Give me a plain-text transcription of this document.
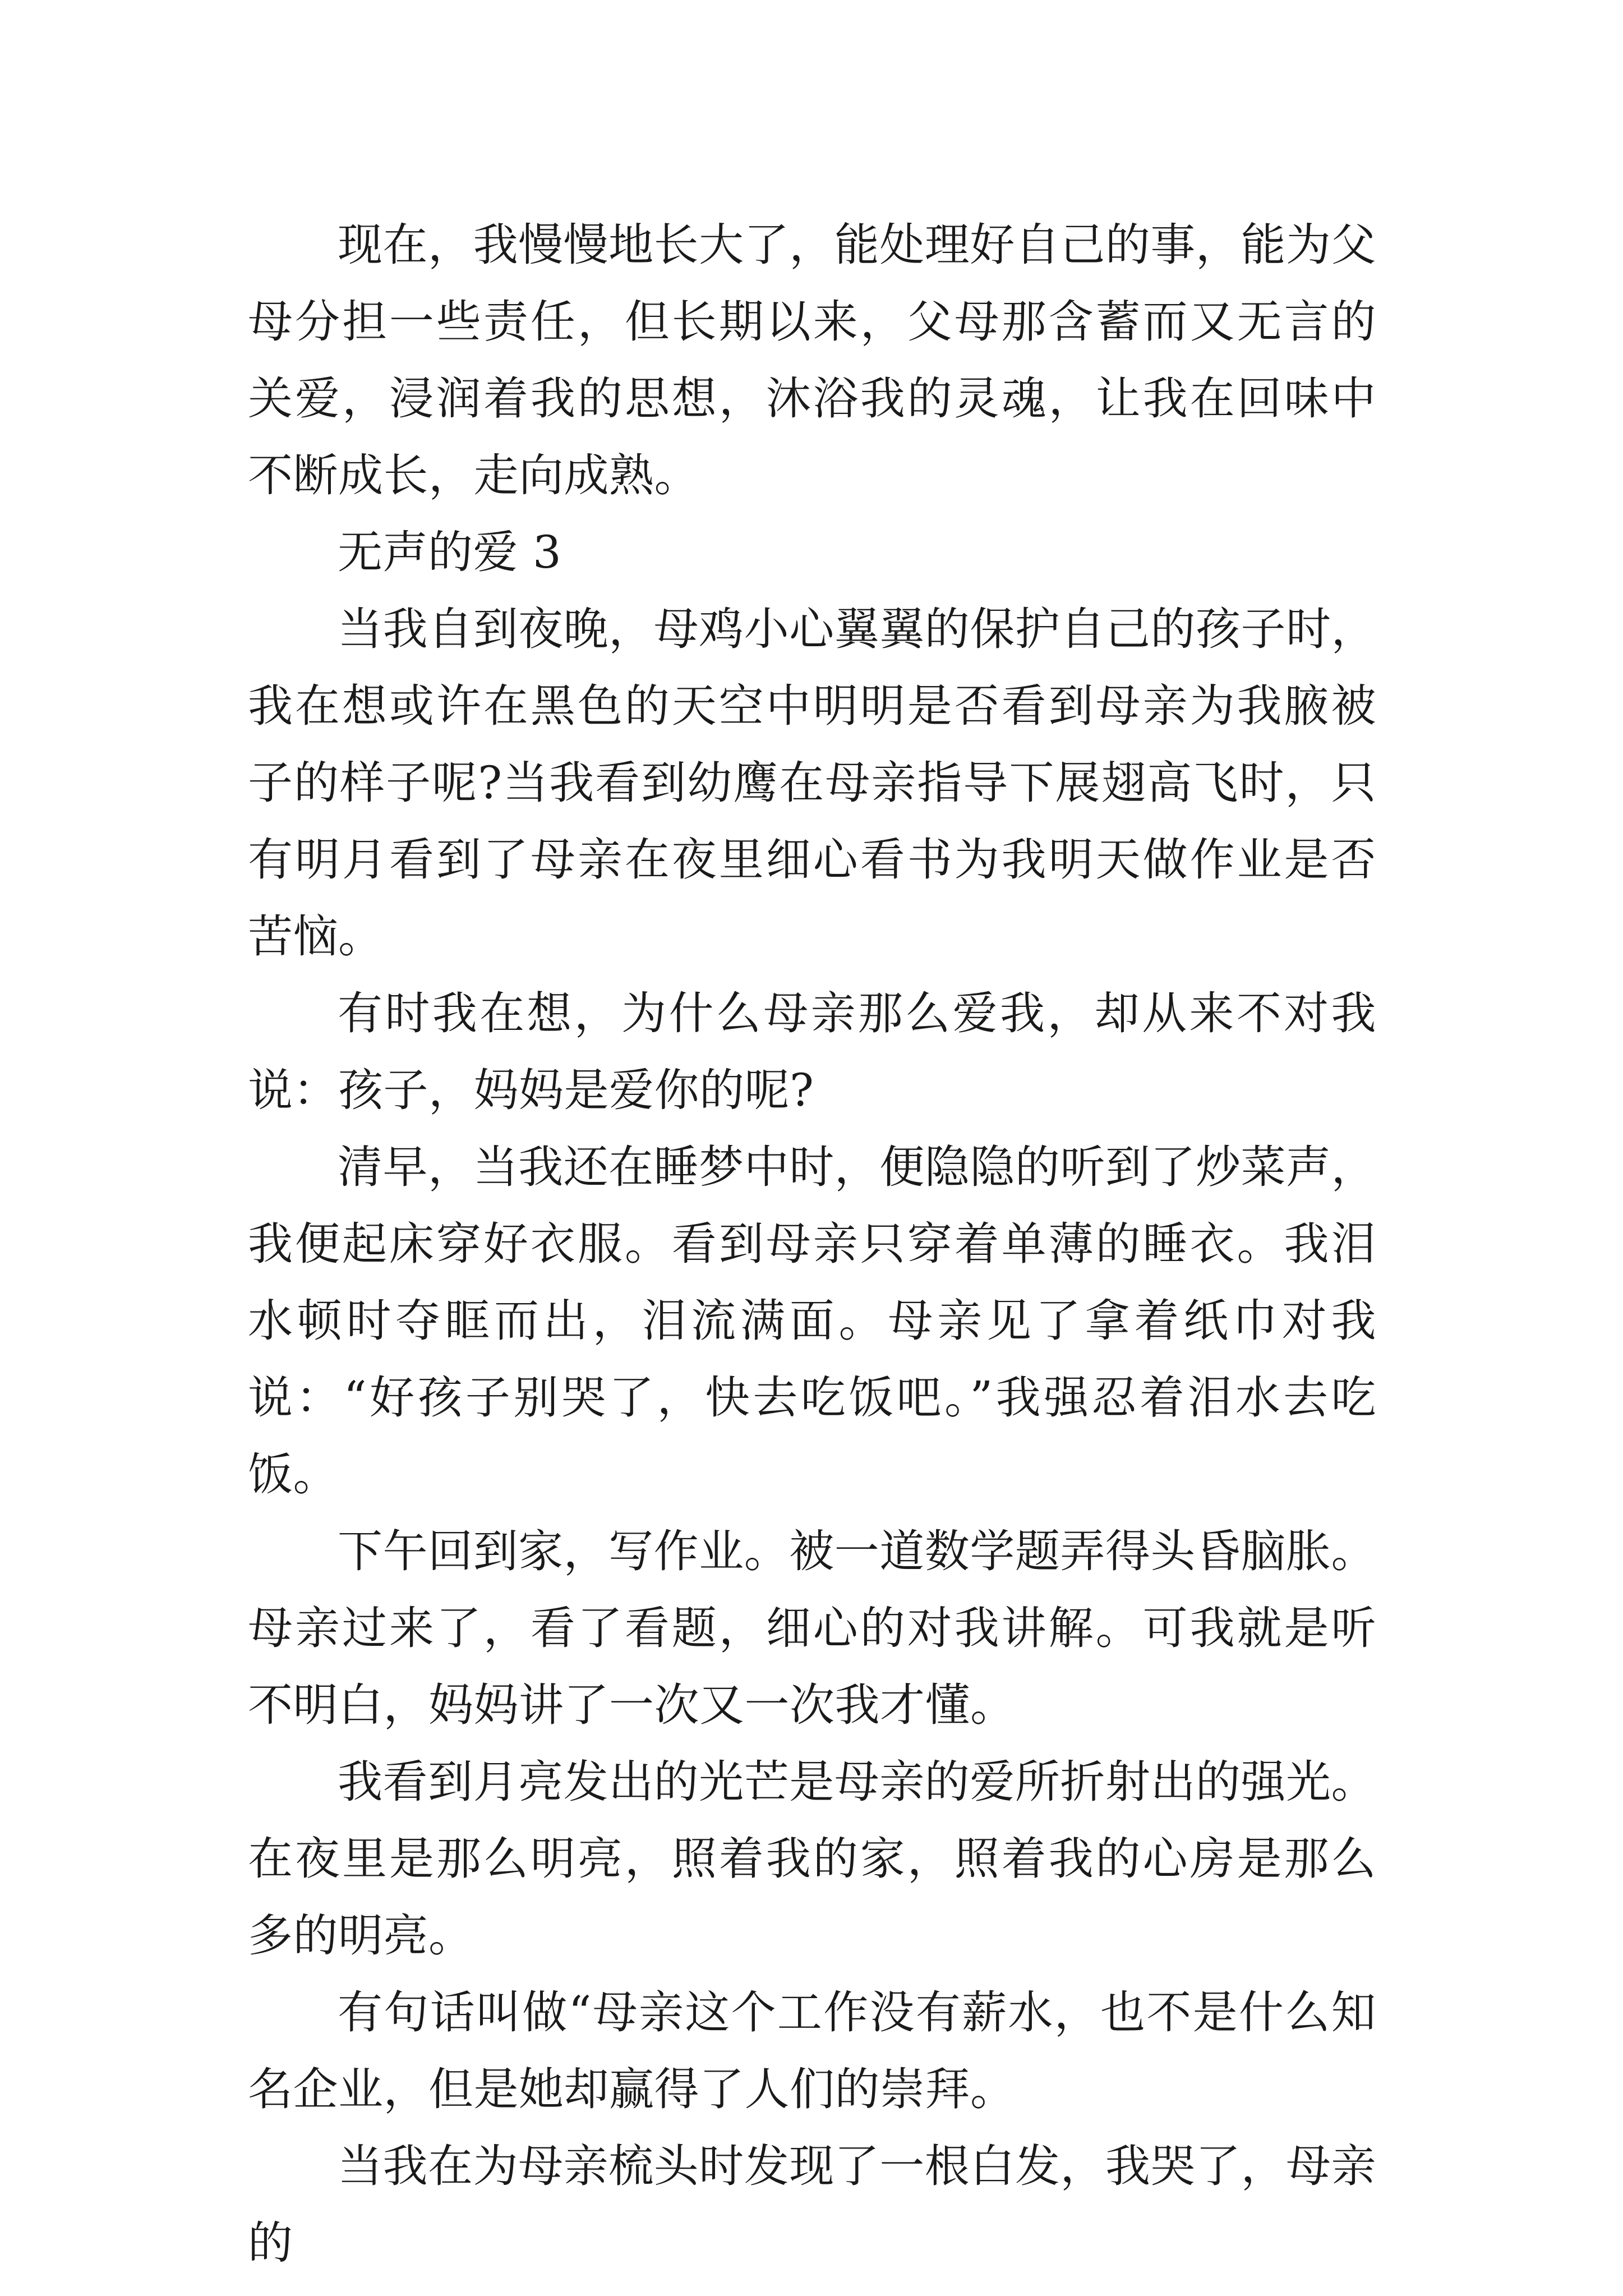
现在，我慢慢地长大了，能处理好自己的事，能为父母分担一些责任，但长期以来，父母那含蓄而又无言的关爱，浸润着我的思想，沐浴我的灵魂，让我在回味中不断成长，走向成熟。

无声的爱 3

当我自到夜晚，母鸡小心翼翼的保护自己的孩子时，我在想或许在黑色的天空中明明是否看到母亲为我腋被子的样子呢?当我看到幼鹰在母亲指导下展翅高飞时，只有明月看到了母亲在夜里细心看书为我明天做作业是否苦恼。

有时我在想，为什么母亲那么爱我，却从来不对我说：孩子，妈妈是爱你的呢?

清早，当我还在睡梦中时，便隐隐的听到了炒菜声，我便起床穿好衣服。看到母亲只穿着单薄的睡衣。我泪水顿时夺眶而出，泪流满面。母亲见了拿着纸巾对我说：“好孩子别哭了，快去吃饭吧。”我强忍着泪水去吃饭。

下午回到家，写作业。被一道数学题弄得头昏脑胀。母亲过来了，看了看题，细心的对我讲解。可我就是听不明白，妈妈讲了一次又一次我才懂。

我看到月亮发出的光芒是母亲的爱所折射出的强光。在夜里是那么明亮，照着我的家，照着我的心房是那么多的明亮。

有句话叫做“母亲这个工作没有薪水，也不是什么知名企业，但是她却赢得了人们的崇拜。

当我在为母亲梳头时发现了一根白发，我哭了，母亲的
